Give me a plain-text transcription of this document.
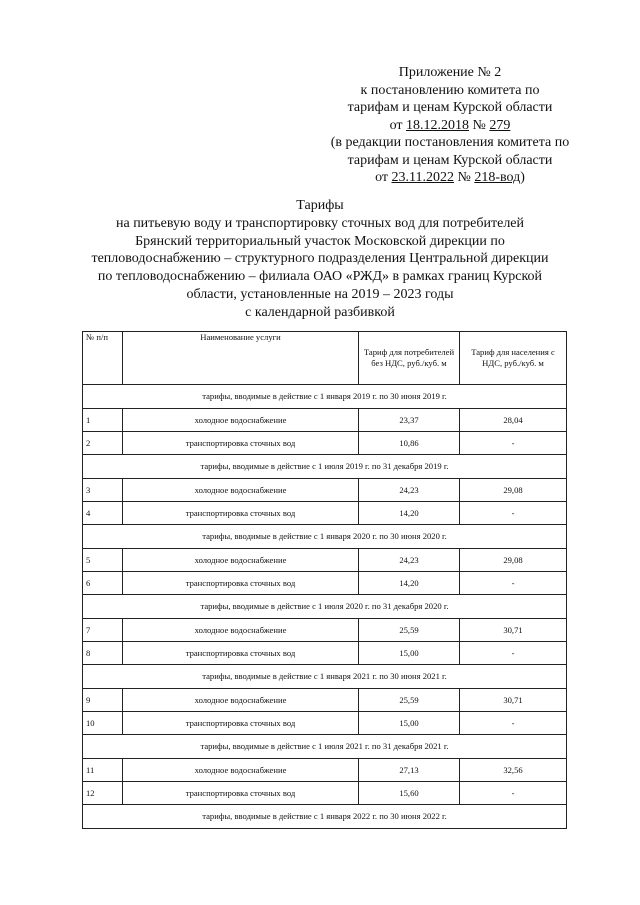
Приложение № 2
к постановлению комитета по
тарифам и ценам Курской области
от 18.12.2018 № 279
(в редакции постановления комитета по
тарифам и ценам Курской области
от 23.11.2022 № 218-вод)
Тарифы
на питьевую воду и транспортировку сточных вод для потребителей
Брянский территориальный участок Московской дирекции по
тепловодоснабжению – структурного подразделения Центральной дирекции
по тепловодоснабжению – филиала ОАО «РЖД» в рамках границ Курской
области, установленные на 2019 – 2023 годы
с календарной разбивкой
№ п/п	Наименование услуги	Тариф для потребителей без НДС, руб./куб. м	Тариф для населения с НДС, руб./куб. м
тарифы, вводимые в действие с 1 января 2019 г. по 30 июня 2019 г.			
1	холодное водоснабжение	23,37	28,04
2	транспортировка сточных вод	10,86	-
тарифы, вводимые в действие с 1 июля 2019 г. по 31 декабря 2019 г.			
3	холодное водоснабжение	24,23	29,08
4	транспортировка сточных вод	14,20	-
тарифы, вводимые в действие с 1 января 2020 г. по 30 июня 2020 г.			
5	холодное водоснабжение	24,23	29,08
6	транспортировка сточных вод	14,20	-
тарифы, вводимые в действие с 1 июля 2020 г. по 31 декабря 2020 г.			
7	холодное водоснабжение	25,59	30,71
8	транспортировка сточных вод	15,00	-
тарифы, вводимые в действие с 1 января 2021 г. по 30 июня 2021 г.			
9	холодное водоснабжение	25,59	30,71
10	транспортировка сточных вод	15,00	-
тарифы, вводимые в действие с 1 июля 2021 г. по 31 декабря 2021 г.			
11	холодное водоснабжение	27,13	32,56
12	транспортировка сточных вод	15,60	-
тарифы, вводимые в действие с 1 января 2022 г. по 30 июня 2022 г.			
